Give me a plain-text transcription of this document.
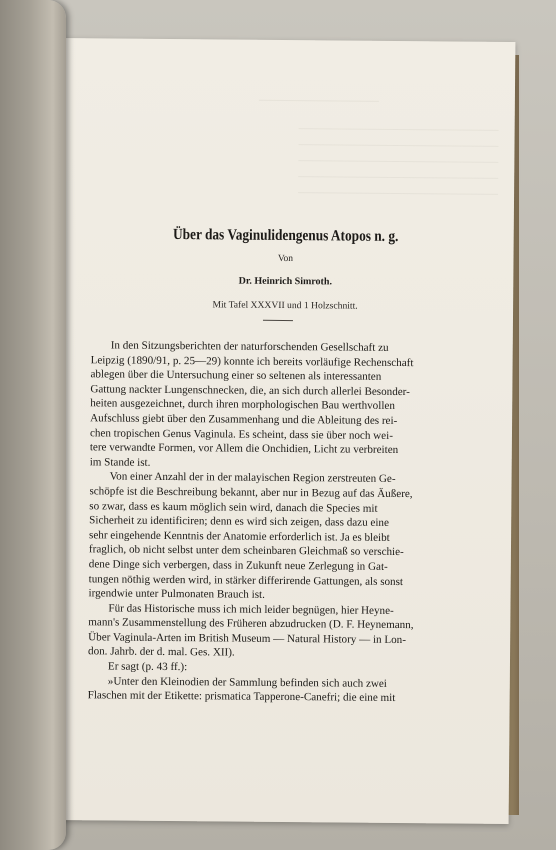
Über das Vaginulidengenus Atopos n. g.
Von
Dr. Heinrich Simroth.
Mit Tafel XXXVII und 1 Holzschnitt.

In den Sitzungsberichten der naturforschenden Gesellschaft zu
Leipzig (1890/91, p. 25—29) konnte ich bereits vorläufige Rechenschaft
ablegen über die Untersuchung einer so seltenen als interessanten
Gattung nackter Lungenschnecken, die, an sich durch allerlei Besonder-
heiten ausgezeichnet, durch ihren morphologischen Bau werthvollen
Aufschluss giebt über den Zusammenhang und die Ableitung des rei-
chen tropischen Genus Vaginula. Es scheint, dass sie über noch wei-
tere verwandte Formen, vor Allem die Onchidien, Licht zu verbreiten
im Stande ist.

Von einer Anzahl der in der malayischen Region zerstreuten Ge-
schöpfe ist die Beschreibung bekannt, aber nur in Bezug auf das Äußere,
so zwar, dass es kaum möglich sein wird, danach die Species mit
Sicherheit zu identificiren; denn es wird sich zeigen, dass dazu eine
sehr eingehende Kenntnis der Anatomie erforderlich ist. Ja es bleibt
fraglich, ob nicht selbst unter dem scheinbaren Gleichmaß so verschie-
dene Dinge sich verbergen, dass in Zukunft neue Zerlegung in Gat-
tungen nöthig werden wird, in stärker differirende Gattungen, als sonst
irgendwie unter Pulmonaten Brauch ist.

Für das Historische muss ich mich leider begnügen, hier Heyne-
mann's Zusammenstellung des Früheren abzudrucken (D. F. Heynemann,
Über Vaginula-Arten im British Museum — Natural History — in Lon-
don. Jahrb. der d. mal. Ges. XII).

Er sagt (p. 43 ff.):

»Unter den Kleinodien der Sammlung befinden sich auch zwei
Flaschen mit der Etikette: prismatica Tapperone-Canefri; die eine mit
